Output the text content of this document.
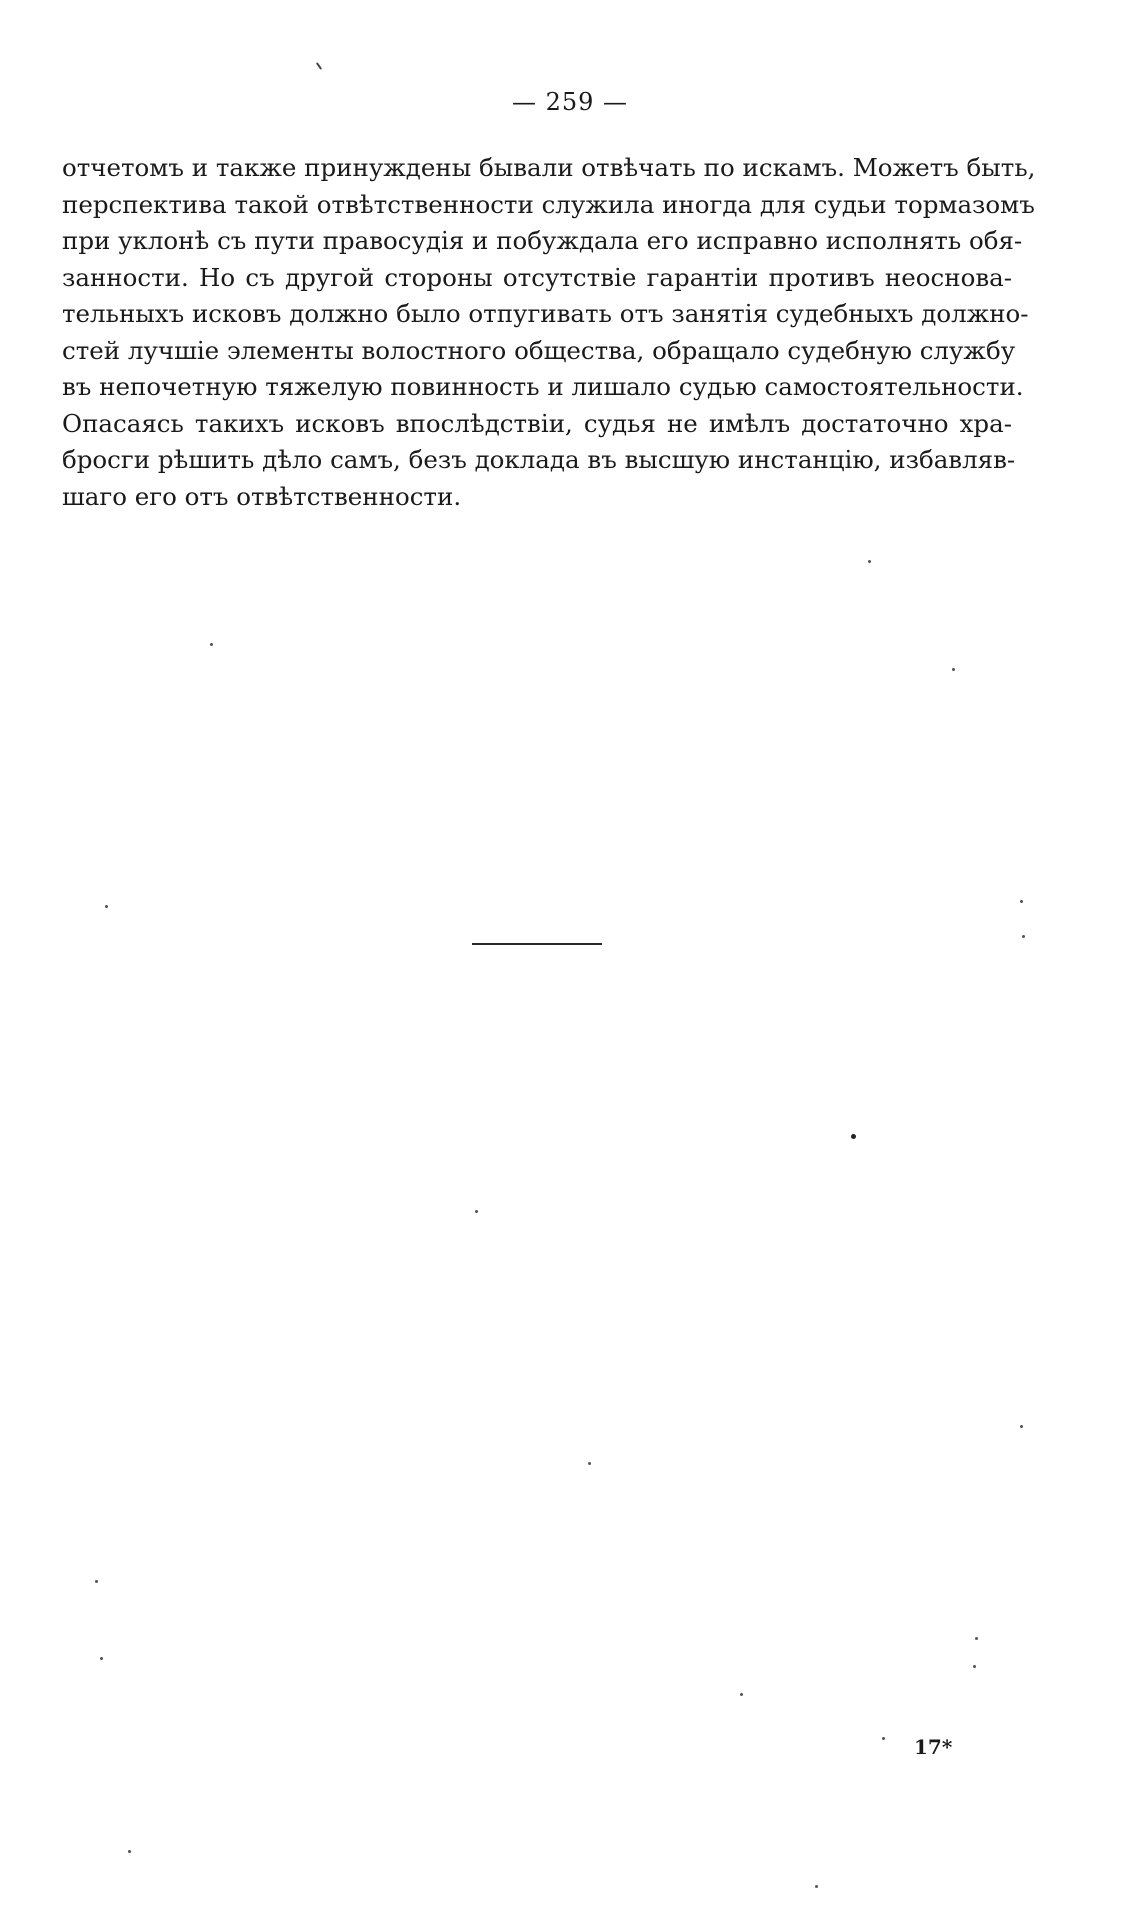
— 259 —
отчетомъ и также принуждены бывали отвѣчать по искамъ. Можетъ быть,
перспектива такой отвѣтственности служила иногда для судьи тормазомъ
при уклонѣ съ пути правосудія и побуждала его исправно исполнять обя-
занности. Но съ другой стороны отсутствіе гарантіи противъ неоснова-
тельныхъ исковъ должно было отпугивать отъ занятія судебныхъ должно-
стей лучшіе элементы волостного общества, обращало судебную службу
въ непочетную тяжелую повинность и лишало судью самостоятельности.
Опасаясь такихъ исковъ впослѣдствіи, судья не имѣлъ достаточно хра-
бросги рѣшить дѣло самъ, безъ доклада въ высшую инстанцію, избавляв-
шаго его отъ отвѣтственности.
17*
